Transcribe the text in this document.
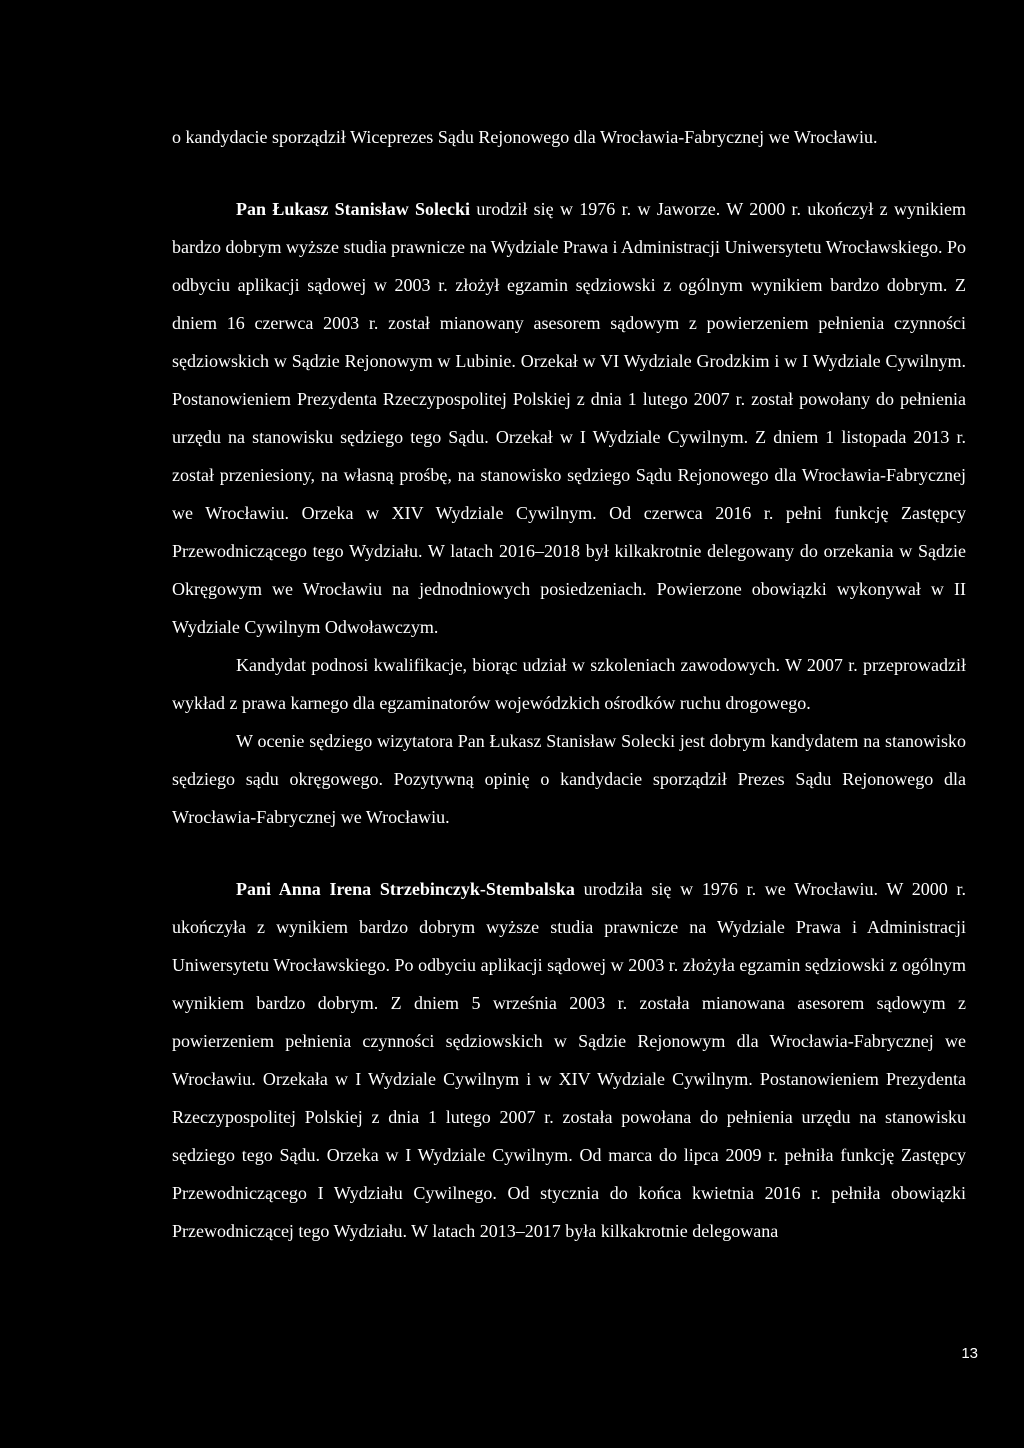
o kandydacie sporządził Wiceprezes Sądu Rejonowego dla Wrocławia-Fabrycznej we Wrocławiu.

Pan Łukasz Stanisław Solecki urodził się w 1976 r. w Jaworze. W 2000 r. ukończył z wynikiem bardzo dobrym wyższe studia prawnicze na Wydziale Prawa i Administracji Uniwersytetu Wrocławskiego. Po odbyciu aplikacji sądowej w 2003 r. złożył egzamin sędziowski z ogólnym wynikiem bardzo dobrym. Z dniem 16 czerwca 2003 r. został mianowany asesorem sądowym z powierzeniem pełnienia czynności sędziowskich w Sądzie Rejonowym w Lubinie. Orzekał w VI Wydziale Grodzkim i w I Wydziale Cywilnym. Postanowieniem Prezydenta Rzeczypospolitej Polskiej z dnia 1 lutego 2007 r. został powołany do pełnienia urzędu na stanowisku sędziego tego Sądu. Orzekał w I Wydziale Cywilnym. Z dniem 1 listopada 2013 r. został przeniesiony, na własną prośbę, na stanowisko sędziego Sądu Rejonowego dla Wrocławia-Fabrycznej we Wrocławiu. Orzeka w XIV Wydziale Cywilnym. Od czerwca 2016 r. pełni funkcję Zastępcy Przewodniczącego tego Wydziału. W latach 2016–2018 był kilkakrotnie delegowany do orzekania w Sądzie Okręgowym we Wrocławiu na jednodniowych posiedzeniach. Powierzone obowiązki wykonywał w II Wydziale Cywilnym Odwoławczym.

Kandydat podnosi kwalifikacje, biorąc udział w szkoleniach zawodowych. W 2007 r. przeprowadził wykład z prawa karnego dla egzaminatorów wojewódzkich ośrodków ruchu drogowego.

W ocenie sędziego wizytatora Pan Łukasz Stanisław Solecki jest dobrym kandydatem na stanowisko sędziego sądu okręgowego. Pozytywną opinię o kandydacie sporządził Prezes Sądu Rejonowego dla Wrocławia-Fabrycznej we Wrocławiu.

Pani Anna Irena Strzebinczyk-Stembalska urodziła się w 1976 r. we Wrocławiu. W 2000 r. ukończyła z wynikiem bardzo dobrym wyższe studia prawnicze na Wydziale Prawa i Administracji Uniwersytetu Wrocławskiego. Po odbyciu aplikacji sądowej w 2003 r. złożyła egzamin sędziowski z ogólnym wynikiem bardzo dobrym. Z dniem 5 września 2003 r. została mianowana asesorem sądowym z powierzeniem pełnienia czynności sędziowskich w Sądzie Rejonowym dla Wrocławia-Fabrycznej we Wrocławiu. Orzekała w I Wydziale Cywilnym i w XIV Wydziale Cywilnym. Postanowieniem Prezydenta Rzeczypospolitej Polskiej z dnia 1 lutego 2007 r. została powołana do pełnienia urzędu na stanowisku sędziego tego Sądu. Orzeka w I Wydziale Cywilnym. Od marca do lipca 2009 r. pełniła funkcję Zastępcy Przewodniczącego I Wydziału Cywilnego. Od stycznia do końca kwietnia 2016 r. pełniła obowiązki Przewodniczącej tego Wydziału. W latach 2013–2017 była kilkakrotnie delegowana

13
